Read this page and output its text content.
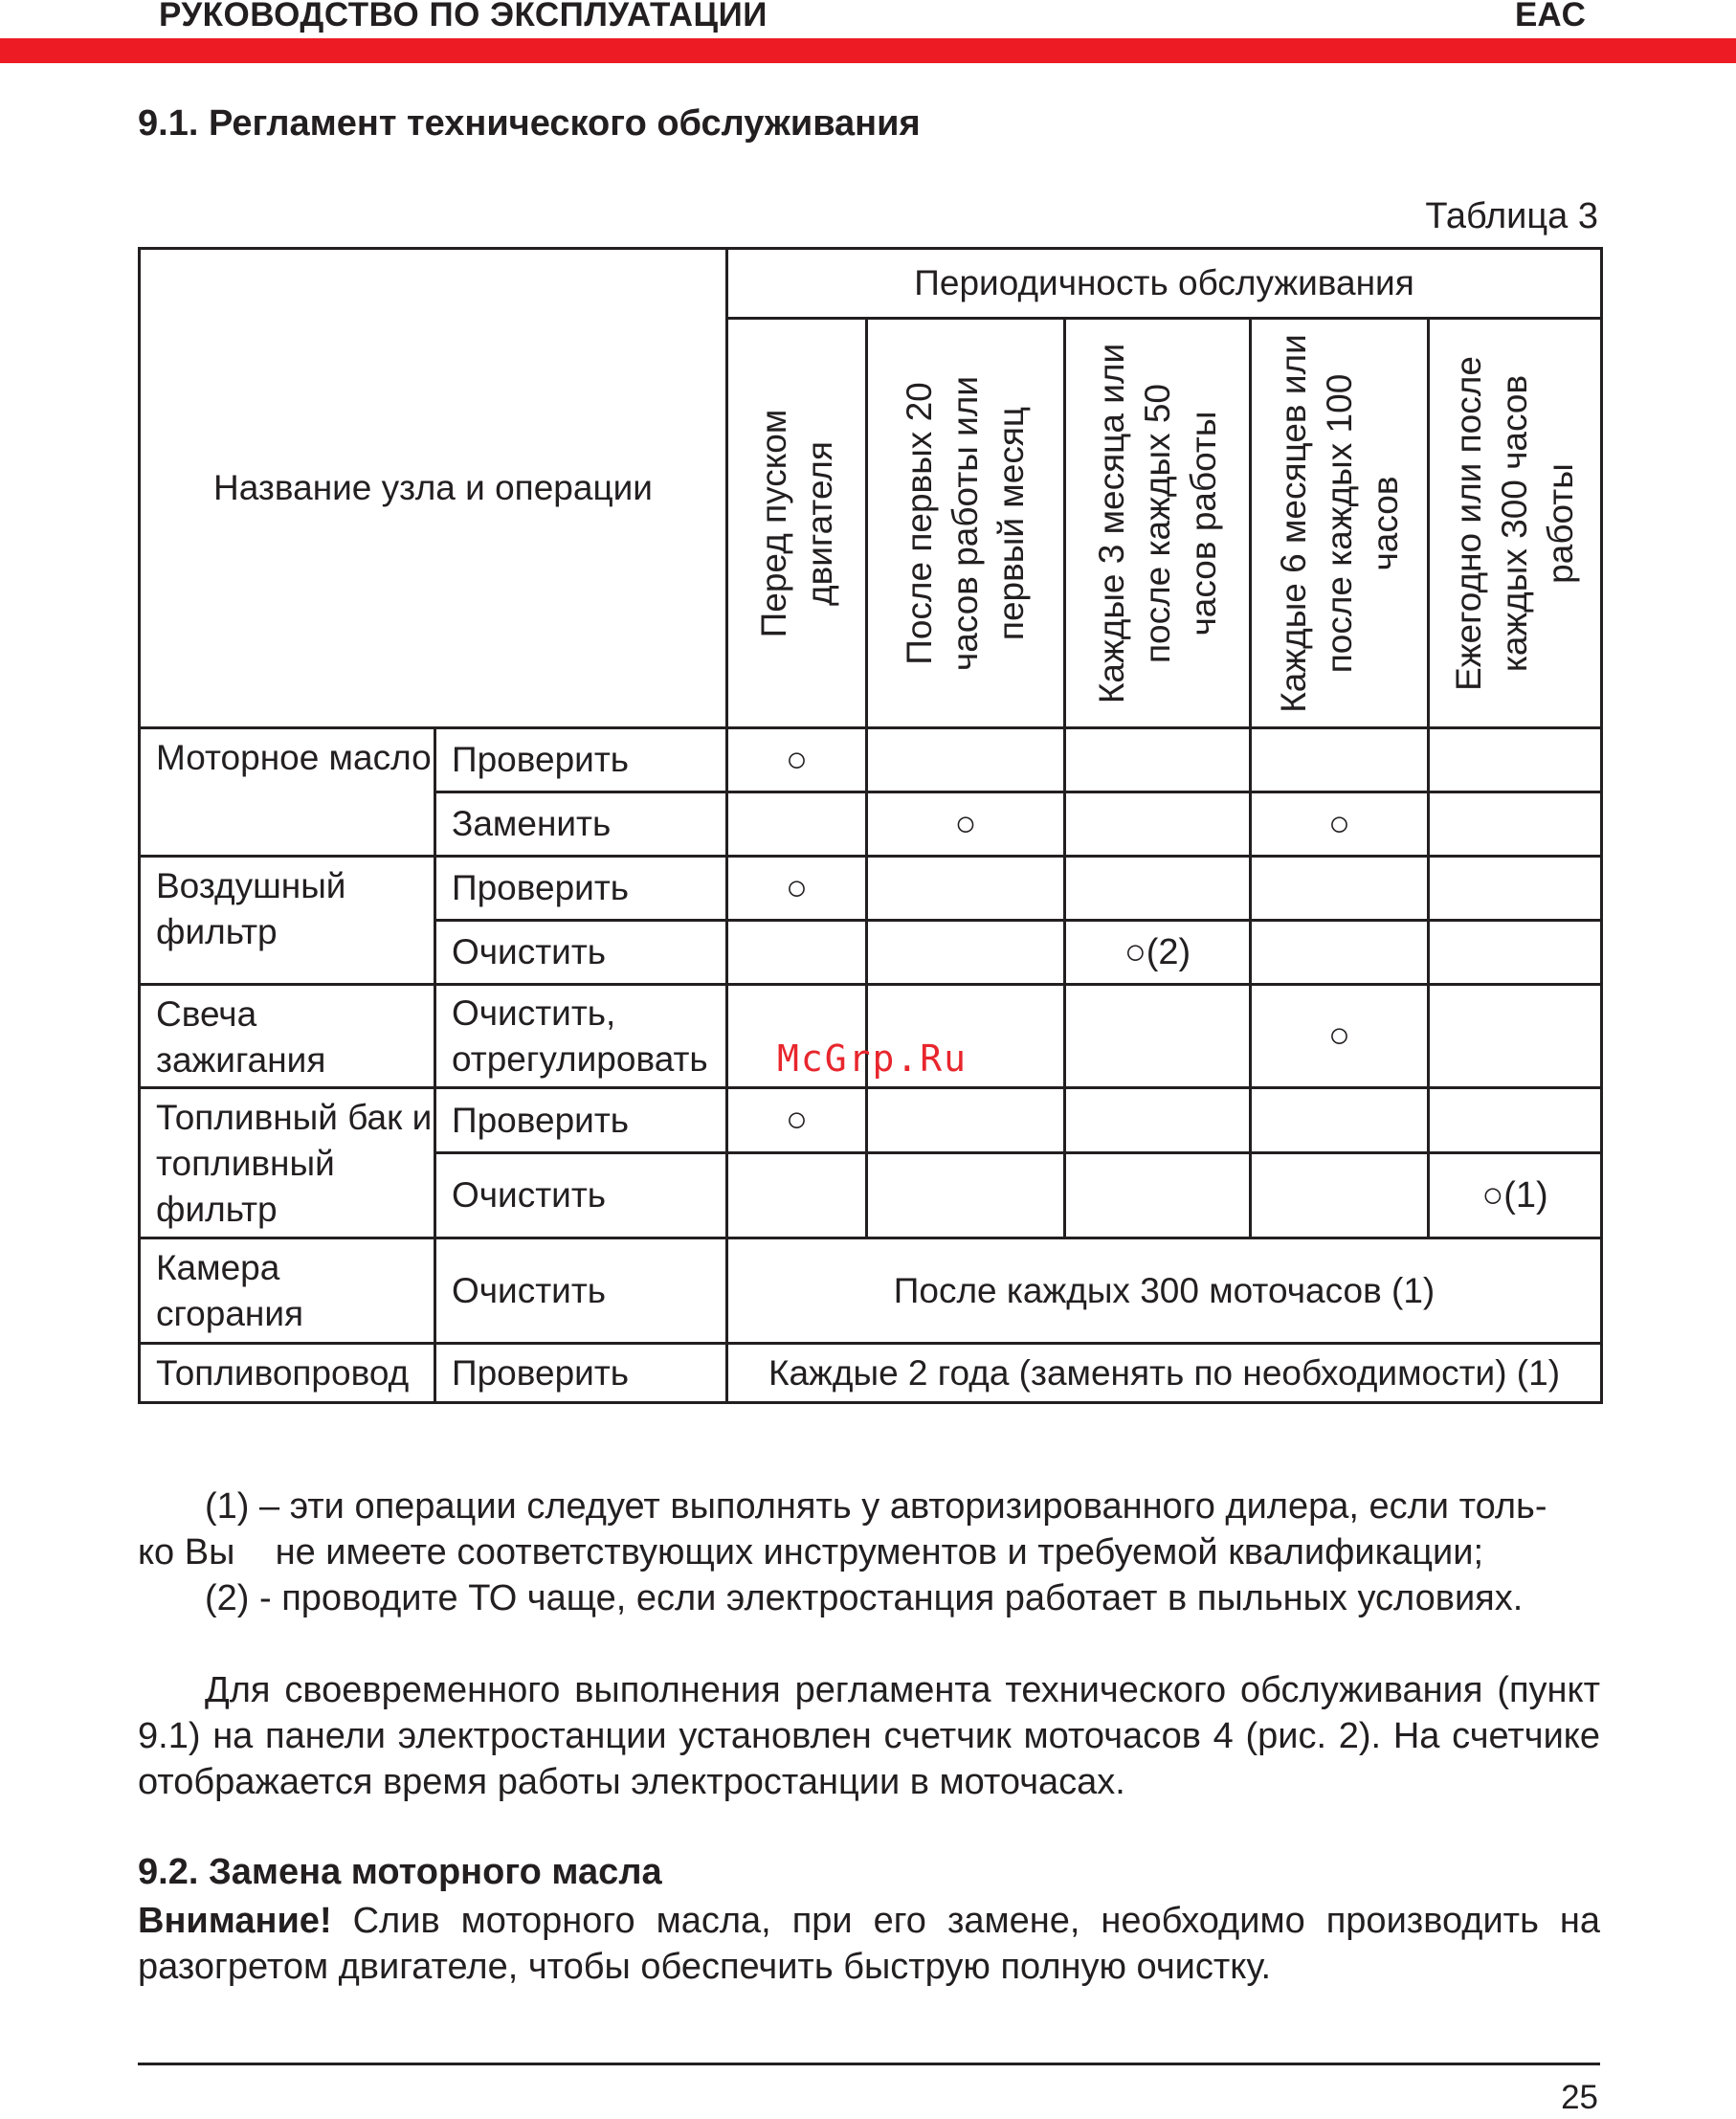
РУКОВОДСТВО ПО ЭКСПЛУАТАЦИИ	EAC
9.1. Регламент технического обслуживания
Таблица 3
Название узла и операции		Периодичность обслуживания				

		Перед пуском двигателя	После первых 20 часов работы или первый месяц	Каждые 3 месяца или после каждых 50 часов работы	Каждые 6 месяцев или после каждых 100 часов	Ежегодно или после каждых 300 часов работы

Моторное масло	Проверить	○				
	Заменить		○		○	
Воздушный фильтр	Проверить	○				
	Очистить			○(2)		
Свеча зажигания	Очистить, отрегулировать				○	
Топливный бак и топливный фильтр	Проверить	○				
	Очистить					○(1)
Камера сгорания	Очистить	После каждых 300 моточасов (1)				
Топливопровод	Проверить	Каждые 2 года (заменять по необходимости) (1)				
McGrp.Ru

(1) – эти операции следует выполнять у авторизированного дилера, если толь-

ко Вы    не имеете соответствующих инструментов и требуемой квалификации;

(2) - проводите ТО чаще, если электростанция работает в пыльных условиях.

Для своевременного выполнения регламента технического обслуживания (пункт 9.1) на панели электростанции установлен счетчик моточасов 4 (рис. 2). На счетчике отображается время работы электростанции в моточасах.

9.2. Замена моторного масла

Внимание! Слив моторного масла, при его замене, необходимо производить на разогретом двигателе, чтобы обеспечить быструю полную очистку.

25
